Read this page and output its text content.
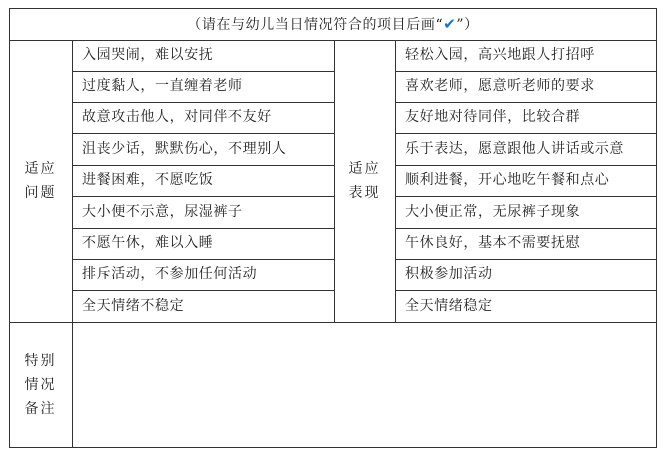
（请在与幼儿当日情况符合的项目后画“ ✔ ”）
适应
问题
适应
表现
特别
情况
备注
入园哭闹，难以安抚
过度黏人，一直缠着老师
故意攻击他人，对同伴不友好
沮丧少话，默默伤心，不理别人
进餐困难，不愿吃饭
大小便不示意，尿湿裤子
不愿午休，难以入睡
排斥活动，不参加任何活动
全天情绪不稳定
轻松入园，高兴地跟人打招呼
喜欢老师，愿意听老师的要求
友好地对待同伴，比较合群
乐于表达，愿意跟他人讲话或示意
顺利进餐，开心地吃午餐和点心
大小便正常，无尿裤子现象
午休良好，基本不需要抚慰
积极参加活动
全天情绪稳定
